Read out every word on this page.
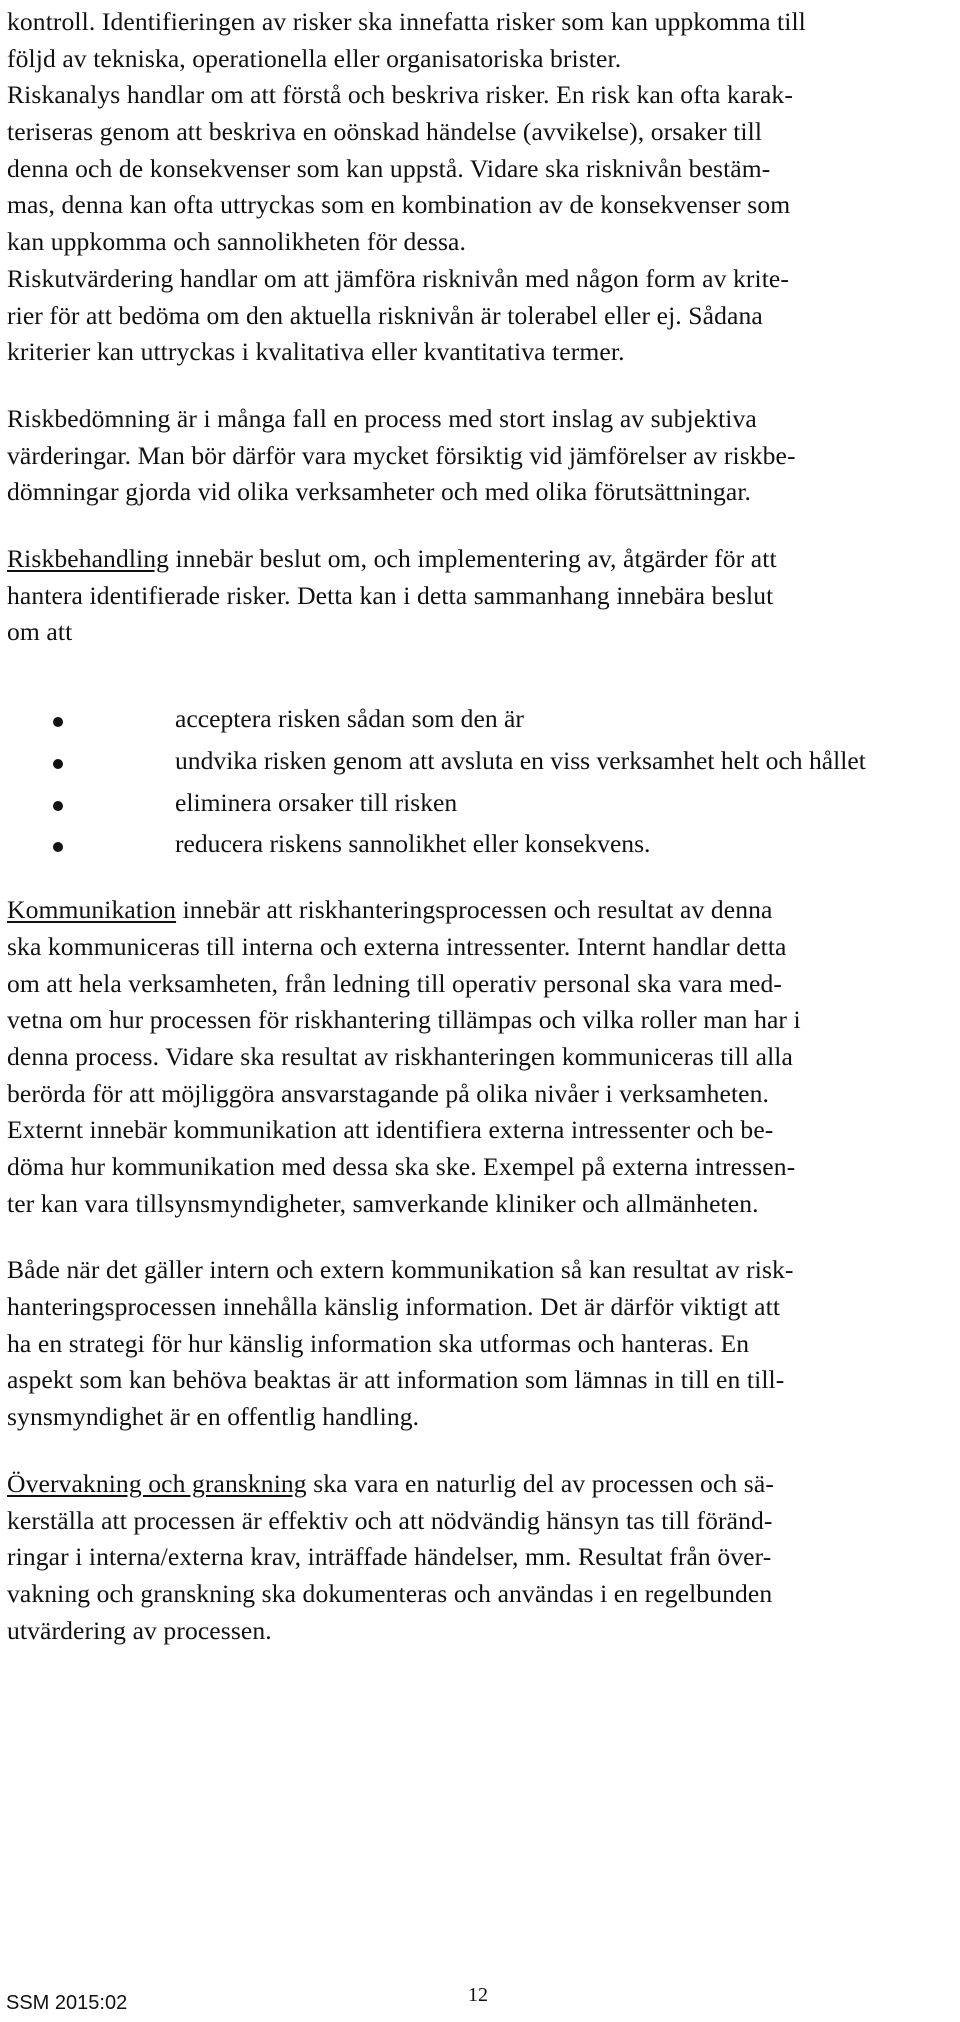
kontroll. Identifieringen av risker ska innefatta risker som kan uppkomma till
följd av tekniska, operationella eller organisatoriska brister.
Riskanalys handlar om att förstå och beskriva risker. En risk kan ofta karak-
teriseras genom att beskriva en oönskad händelse (avvikelse), orsaker till
denna och de konsekvenser som kan uppstå. Vidare ska risknivån bestäm-
mas, denna kan ofta uttryckas som en kombination av de konsekvenser som
kan uppkomma och sannolikheten för dessa.
Riskutvärdering handlar om att jämföra risknivån med någon form av krite-
rier för att bedöma om den aktuella risknivån är tolerabel eller ej. Sådana
kriterier kan uttryckas i kvalitativa eller kvantitativa termer.
Riskbedömning är i många fall en process med stort inslag av subjektiva
värderingar. Man bör därför vara mycket försiktig vid jämförelser av riskbe-
dömningar gjorda vid olika verksamheter och med olika förutsättningar.
Riskbehandling innebär beslut om, och implementering av, åtgärder för att
hantera identifierade risker. Detta kan i detta sammanhang innebära beslut
om att
acceptera risken sådan som den är
undvika risken genom att avsluta en viss verksamhet helt och hållet
eliminera orsaker till risken
reducera riskens sannolikhet eller konsekvens.
Kommunikation innebär att riskhanteringsprocessen och resultat av denna
ska kommuniceras till interna och externa intressenter. Internt handlar detta
om att hela verksamheten, från ledning till operativ personal ska vara med-
vetna om hur processen för riskhantering tillämpas och vilka roller man har i
denna process. Vidare ska resultat av riskhanteringen kommuniceras till alla
berörda för att möjliggöra ansvarstagande på olika nivåer i verksamheten.
Externt innebär kommunikation att identifiera externa intressenter och be-
döma hur kommunikation med dessa ska ske. Exempel på externa intressen-
ter kan vara tillsynsmyndigheter, samverkande kliniker och allmänheten.
Både när det gäller intern och extern kommunikation så kan resultat av risk-
hanteringsprocessen innehålla känslig information. Det är därför viktigt att
ha en strategi för hur känslig information ska utformas och hanteras. En
aspekt som kan behöva beaktas är att information som lämnas in till en till-
synsmyndighet är en offentlig handling.
Övervakning och granskning ska vara en naturlig del av processen och sä-
kerställa att processen är effektiv och att nödvändig hänsyn tas till föränd-
ringar i interna/externa krav, inträffade händelser, mm. Resultat från över-
vakning och granskning ska dokumenteras och användas i en regelbunden
utvärdering av processen.
SSM 2015:02	12
